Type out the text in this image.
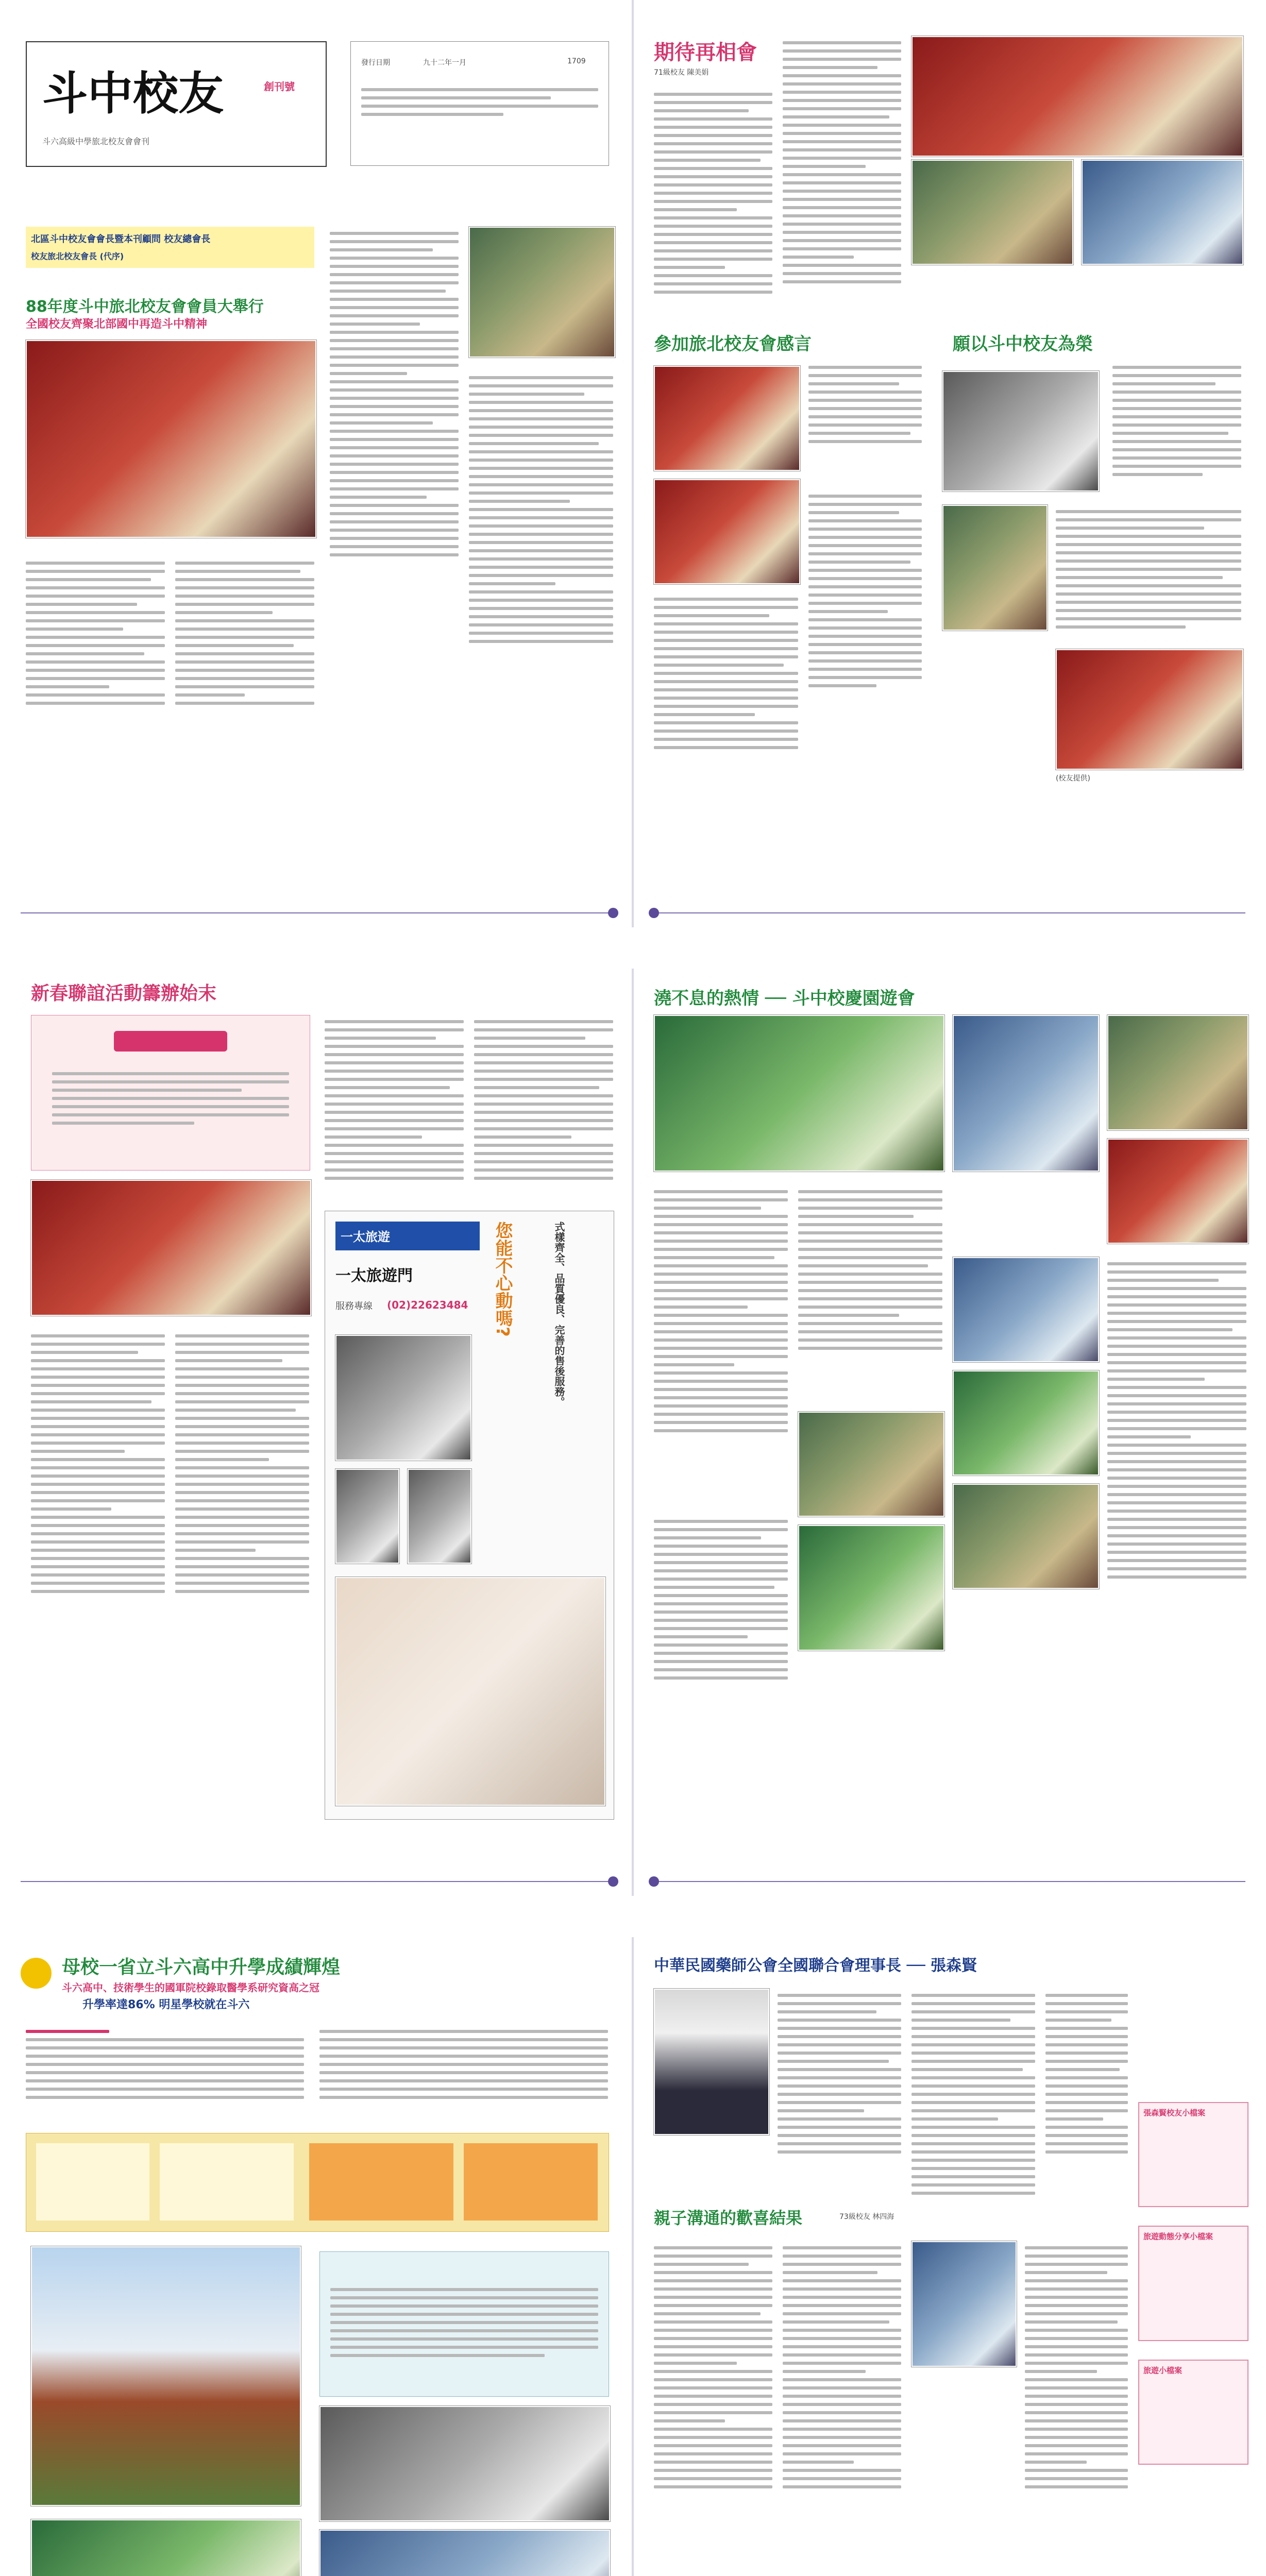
斗中校友
斗六高級中學旅北校友會會刊
創刊號
發行日期	九十二年一月	1709
北區斗中校友會會長暨本刊顧問 校友總會長
校友旅北校友會長 (代序)
88年度斗中旅北校友會會員大舉行
全國校友齊聚北部國中再造斗中精神
期待再相會
71級校友 陳美娟
參加旅北校友會感言	願以斗中校友為榮
(校友提供)
新春聯誼活動籌辦始末
一太旅遊
一太旅遊門
服務專線 (02)22623484 您能不心動嗎?	式樣齊全、品質優良、完善的售後服務。
澆不息的熱情 ── 斗中校慶園遊會
母校一省立斗六高中升學成績輝煌
斗六高中、技術學生的國軍院校錄取醫學系研究資高之冠
升學率達86% 明星學校就在斗六
中華民國藥師公會全國聯合會理事長 ── 張森賢
張森賢校友小檔案
旅遊動態分享小檔案
旅遊小檔案
親子溝通的歡喜結果	73級校友 林四海
